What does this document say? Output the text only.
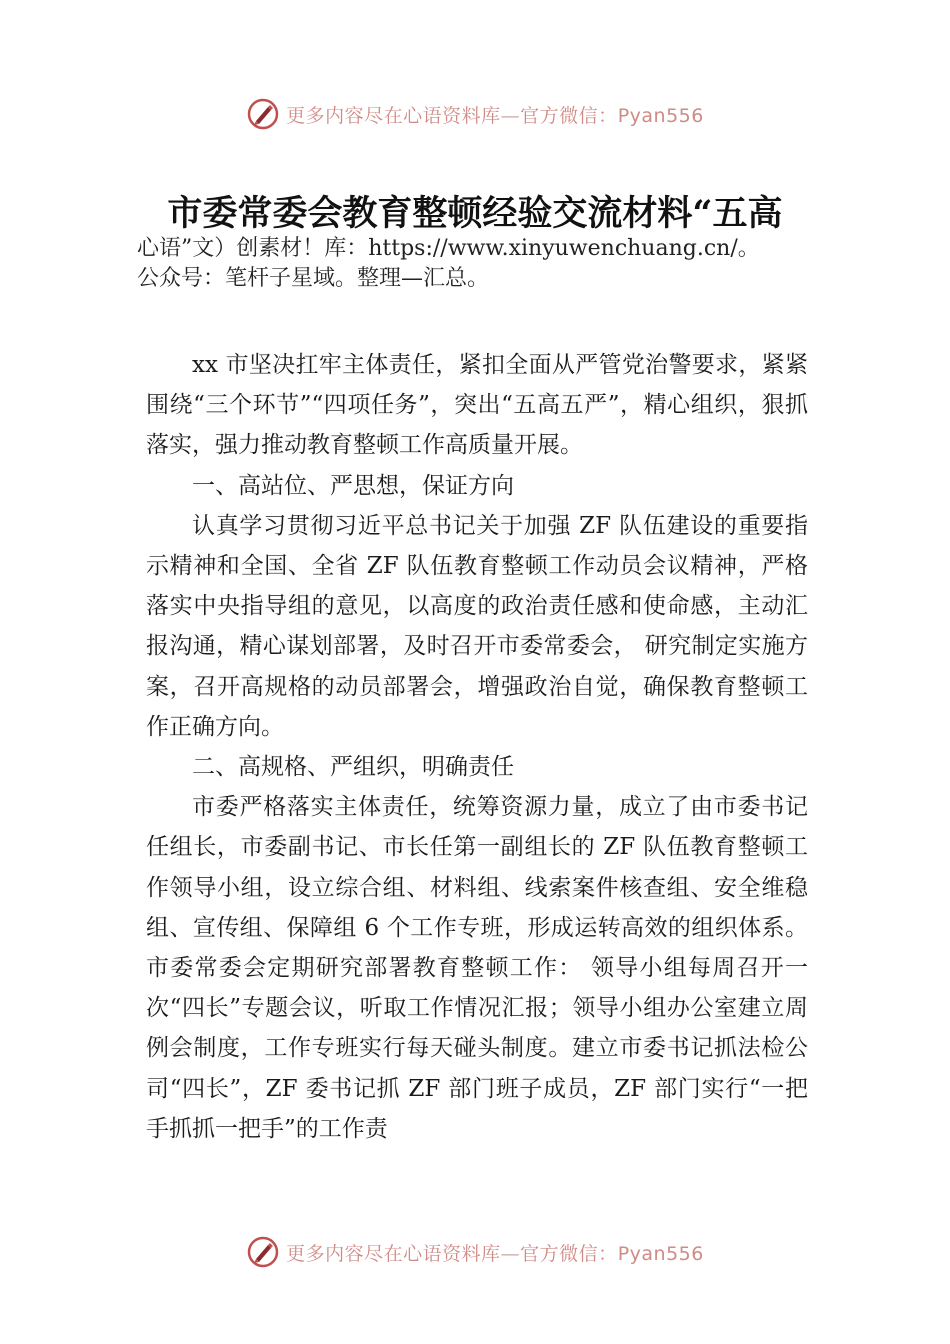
更多内容尽在心语资料库—官方微信：Pyan556
市委常委会教育整顿经验交流材料“五高
心语”文）创素材！库：https://www.xinyuwenchuang.cn/。
公众号：笔杆子星域。整理—汇总。

xx 市坚决扛牢主体责任，紧扣全面从严管党治警要求，紧紧围绕“三个环节”“四项任务”，突出“五高五严”，精心组织，狠抓落实，强力推动教育整顿工作高质量开展。

一、高站位、严思想，保证方向

认真学习贯彻习近平总书记关于加强 ZF 队伍建设的重要指示精神和全国、全省 ZF 队伍教育整顿工作动员会议精神，严格落实中央指导组的意见，以高度的政治责任感和使命感，主动汇报沟通，精心谋划部署，及时召开市委常委会， 研究制定实施方案，召开高规格的动员部署会，增强政治自觉，确保教育整顿工作正确方向。

二、高规格、严组织，明确责任

市委严格落实主体责任，统筹资源力量，成立了由市委书记任组长，市委副书记、市长任第一副组长的 ZF 队伍教育整顿工作领导小组，设立综合组、材料组、线索案件核查组、安全维稳组、宣传组、保障组 6 个工作专班，形成运转高效的组织体系。市委常委会定期研究部署教育整顿工作： 领导小组每周召开一次“四长”专题会议，听取工作情况汇报；领导小组办公室建立周例会制度，工作专班实行每天碰头制度。建立市委书记抓法检公司“四长”，ZF 委书记抓 ZF 部门班子成员，ZF 部门实行“一把手抓抓一把手”的工作责

更多内容尽在心语资料库—官方微信：Pyan556
